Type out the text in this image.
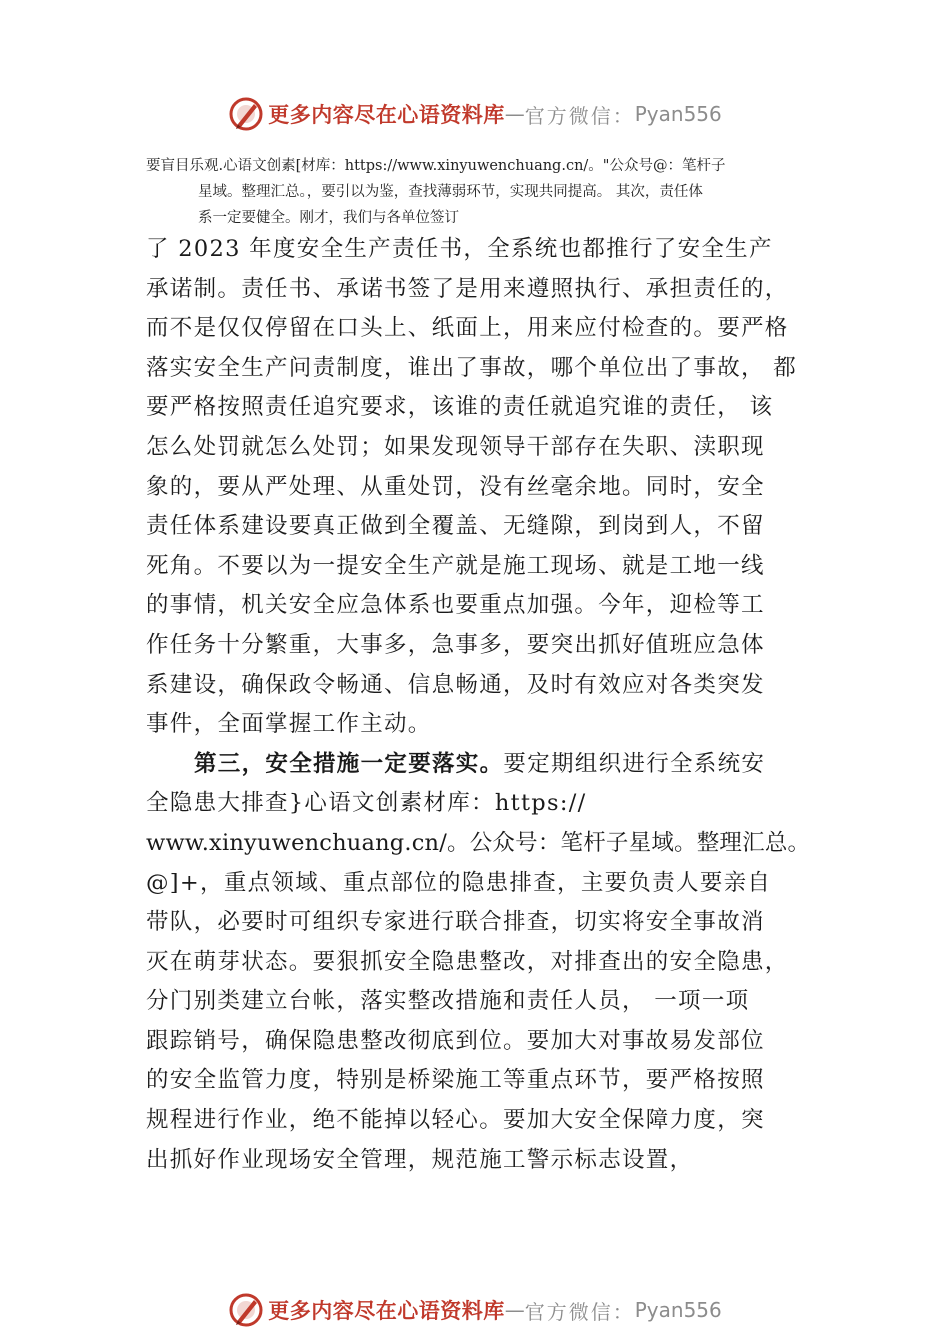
更多内容尽在心语资料库 — 官方微信： Pyan556
要盲目乐观.心语文创素[材库：https://www.xinyuwenchuang.cn/。"公众号@：笔杆子
星域。整理汇总。，要引以为鉴，查找薄弱环节，实现共同提高。 其次，责任体
系一定要健全。刚才，我们与各单位签订
了 2023 年度安全生产责任书，全系统也都推行了安全生产
承诺制。责任书、承诺书签了是用来遵照执行、承担责任的，
而不是仅仅停留在口头上、纸面上，用来应付检查的。要严格
落实安全生产问责制度，谁出了事故，哪个单位出了事故， 都
要严格按照责任追究要求，该谁的责任就追究谁的责任， 该
怎么处罚就怎么处罚；如果发现领导干部存在失职、渎职现
象的，要从严处理、从重处罚，没有丝毫余地。同时，安全
责任体系建设要真正做到全覆盖、无缝隙，到岗到人，不留
死角。不要以为一提安全生产就是施工现场、就是工地一线
的事情，机关安全应急体系也要重点加强。今年，迎检等工
作任务十分繁重，大事多，急事多，要突出抓好值班应急体
系建设，确保政令畅通、信息畅通，及时有效应对各类突发
事件，全面掌握工作主动。
第三，安全措施一定要落实。要定期组织进行全系统安
全隐患大排查}心语文创素材库：https://
www.xinyuwenchuang.cn/。公众号：笔杆子星域。整理汇总。
@]+，重点领域、重点部位的隐患排查，主要负责人要亲自
带队，必要时可组织专家进行联合排查，切实将安全事故消
灭在萌芽状态。要狠抓安全隐患整改，对排查出的安全隐患，
分门别类建立台帐，落实整改措施和责任人员， 一项一项
跟踪销号，确保隐患整改彻底到位。要加大对事故易发部位
的安全监管力度，特别是桥梁施工等重点环节，要严格按照
规程进行作业，绝不能掉以轻心。要加大安全保障力度，突
出抓好作业现场安全管理，规范施工警示标志设置，
更多内容尽在心语资料库 — 官方微信： Pyan556
